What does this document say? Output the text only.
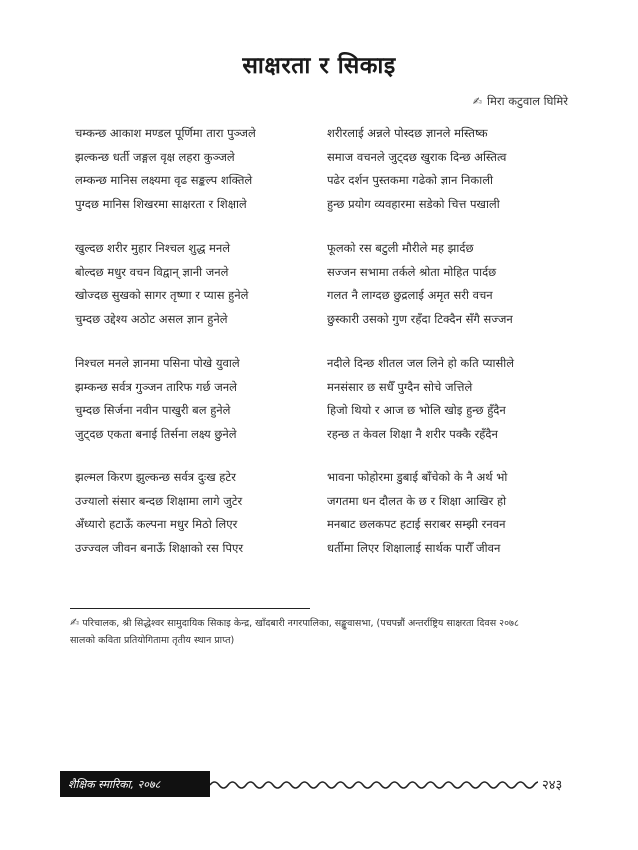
साक्षरता र सिकाइ
✍ मिरा कटुवाल घिमिरे
चम्कन्छ आकाश मण्डल पूर्णिमा तारा पुञ्जले
झल्कन्छ धर्ती जङ्गल वृक्ष लहरा कुञ्जले
लम्कन्छ मानिस लक्ष्यमा वृढ सङ्कल्प शक्तिले
पुग्दछ मानिस शिखरमा साक्षरता र शिक्षाले
खुल्दछ शरीर मुहार निश्चल शुद्ध मनले
बोल्दछ मधुर वचन विद्वान् ज्ञानी जनले
खोज्दछ सुखको सागर तृष्णा र प्यास हुनेले
चुम्दछ उद्देश्य अठोट असल ज्ञान हुनेले
निश्चल मनले ज्ञानमा पसिना पोखे युवाले
झम्कन्छ सर्वत्र गुञ्जन तारिफ गर्छ जनले
चुम्दछ सिर्जना नवीन पाखुरी बल हुनेले
जुट्दछ एकता बनाई तिर्सना लक्ष्य छुनेले
झल्मल किरण झुल्कन्छ सर्वत्र दुःख हटेर
उज्यालो संसार बन्दछ शिक्षामा लागे जुटेर
अँध्यारो हटाऊँ कल्पना मधुर मिठो लिएर
उज्ज्वल जीवन बनाऊँ शिक्षाको रस पिएर
शरीरलाई अन्नले पोस्दछ ज्ञानले मस्तिष्क
समाज वचनले जुट्दछ खुराक दिन्छ अस्तित्व
पढेर दर्शन पुस्तकमा गढेको ज्ञान निकाली
हुन्छ प्रयोग व्यवहारमा सडेको चित्त पखाली
फूलको रस बटुली मौरीले मह झार्दछ
सज्जन सभामा तर्कले श्रोता मोहित पार्दछ
गलत नै लाग्दछ छुद्रलाई अमृत सरी वचन
छुस्कारी उसको गुण रहँदा टिक्दैन सँगै सज्जन
नदीले दिन्छ शीतल जल लिने हो कति प्यासीले
मनसंसार छ सधैँ पुग्दैन सोचे जत्तिले
हिजो थियो र आज छ भोलि खोइ हुन्छ हुँदैन
रहन्छ त केवल शिक्षा नै शरीर पक्कै रहँदैन
भावना फोहोरमा डुबाई बाँचेको के नै अर्थ भो
जगतमा धन दौलत के छ र शिक्षा आखिर हो
मनबाट छलकपट हटाई सराबर सम्झी रनवन
धर्तीमा लिएर शिक्षालाई सार्थक पारौँ जीवन
✍ परिचालक, श्री सिद्धेश्वर सामुदायिक सिकाइ केन्द्र, खाँदबारी नगरपालिका, सङ्खुवासभा, (पचपन्नौं अन्तर्राष्ट्रिय साक्षरता दिवस २०७८
सालको कविता प्रतियोगितामा तृतीय स्थान प्राप्त)
शैक्षिक स्मारिका, २०७८	२४३
